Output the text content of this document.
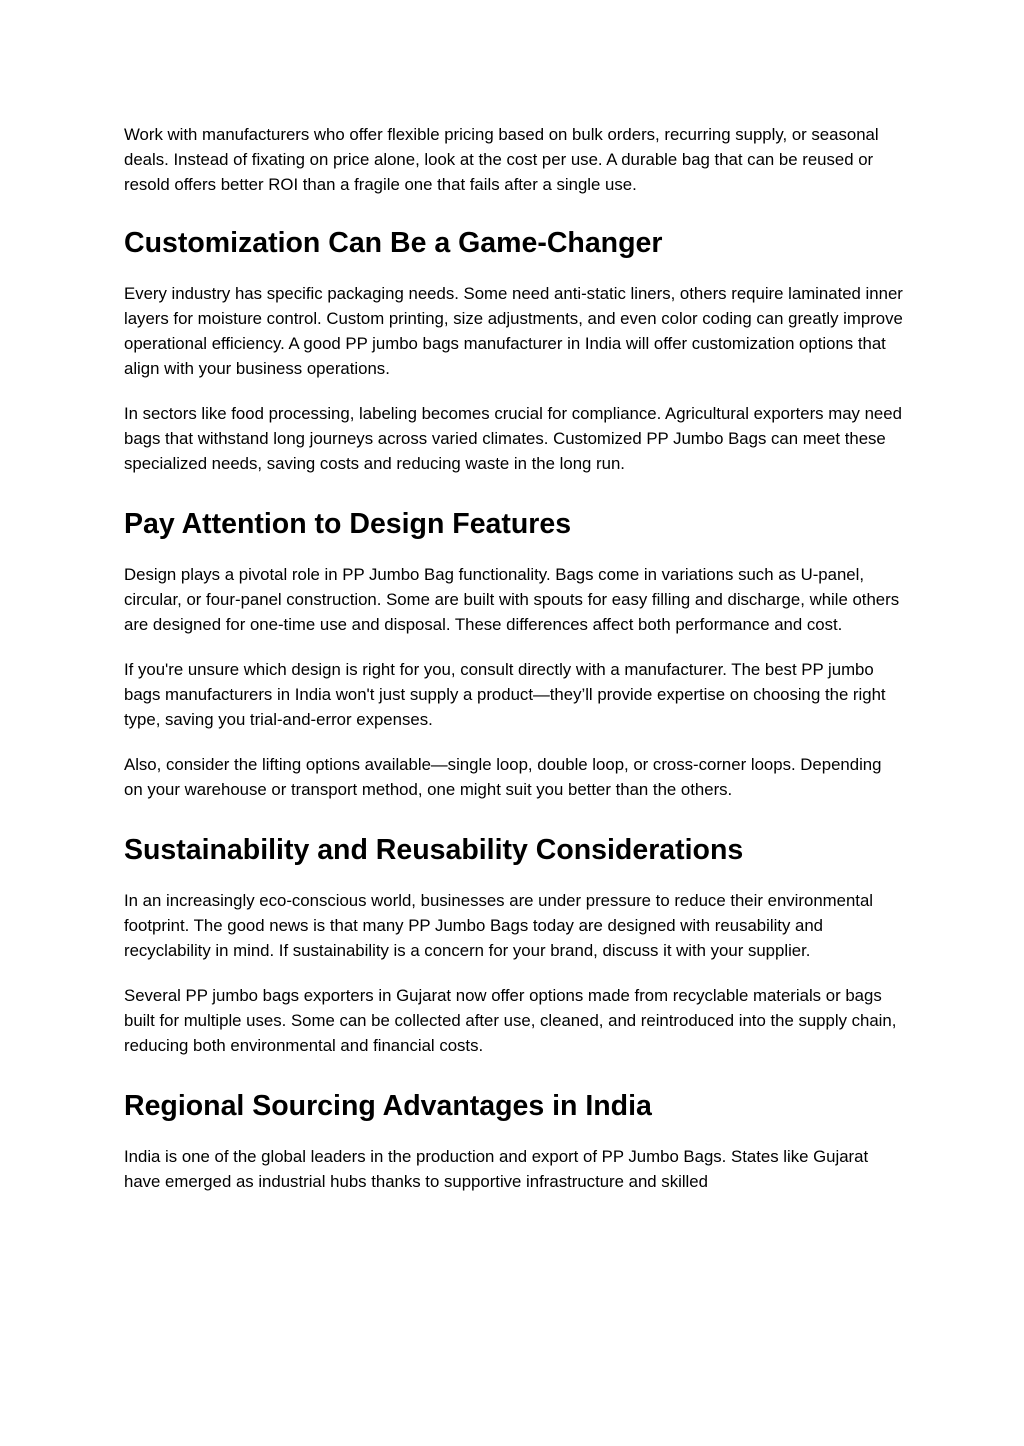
Work with manufacturers who offer flexible pricing based on bulk orders, recurring supply, or seasonal deals. Instead of fixating on price alone, look at the cost per use. A durable bag that can be reused or resold offers better ROI than a fragile one that fails after a single use.

Customization Can Be a Game-Changer

Every industry has specific packaging needs. Some need anti-static liners, others require laminated inner layers for moisture control. Custom printing, size adjustments, and even color coding can greatly improve operational efficiency. A good PP jumbo bags manufacturer in India will offer customization options that align with your business operations.

In sectors like food processing, labeling becomes crucial for compliance. Agricultural exporters may need bags that withstand long journeys across varied climates. Customized PP Jumbo Bags can meet these specialized needs, saving costs and reducing waste in the long run.

Pay Attention to Design Features

Design plays a pivotal role in PP Jumbo Bag functionality. Bags come in variations such as U-panel, circular, or four-panel construction. Some are built with spouts for easy filling and discharge, while others are designed for one-time use and disposal. These differences affect both performance and cost.

If you're unsure which design is right for you, consult directly with a manufacturer. The best PP jumbo bags manufacturers in India won't just supply a product—they’ll provide expertise on choosing the right type, saving you trial-and-error expenses.

Also, consider the lifting options available—single loop, double loop, or cross-corner loops. Depending on your warehouse or transport method, one might suit you better than the others.

Sustainability and Reusability Considerations

In an increasingly eco-conscious world, businesses are under pressure to reduce their environmental footprint. The good news is that many PP Jumbo Bags today are designed with reusability and recyclability in mind. If sustainability is a concern for your brand, discuss it with your supplier.

Several PP jumbo bags exporters in Gujarat now offer options made from recyclable materials or bags built for multiple uses. Some can be collected after use, cleaned, and reintroduced into the supply chain, reducing both environmental and financial costs.

Regional Sourcing Advantages in India

India is one of the global leaders in the production and export of PP Jumbo Bags. States like Gujarat have emerged as industrial hubs thanks to supportive infrastructure and skilled
